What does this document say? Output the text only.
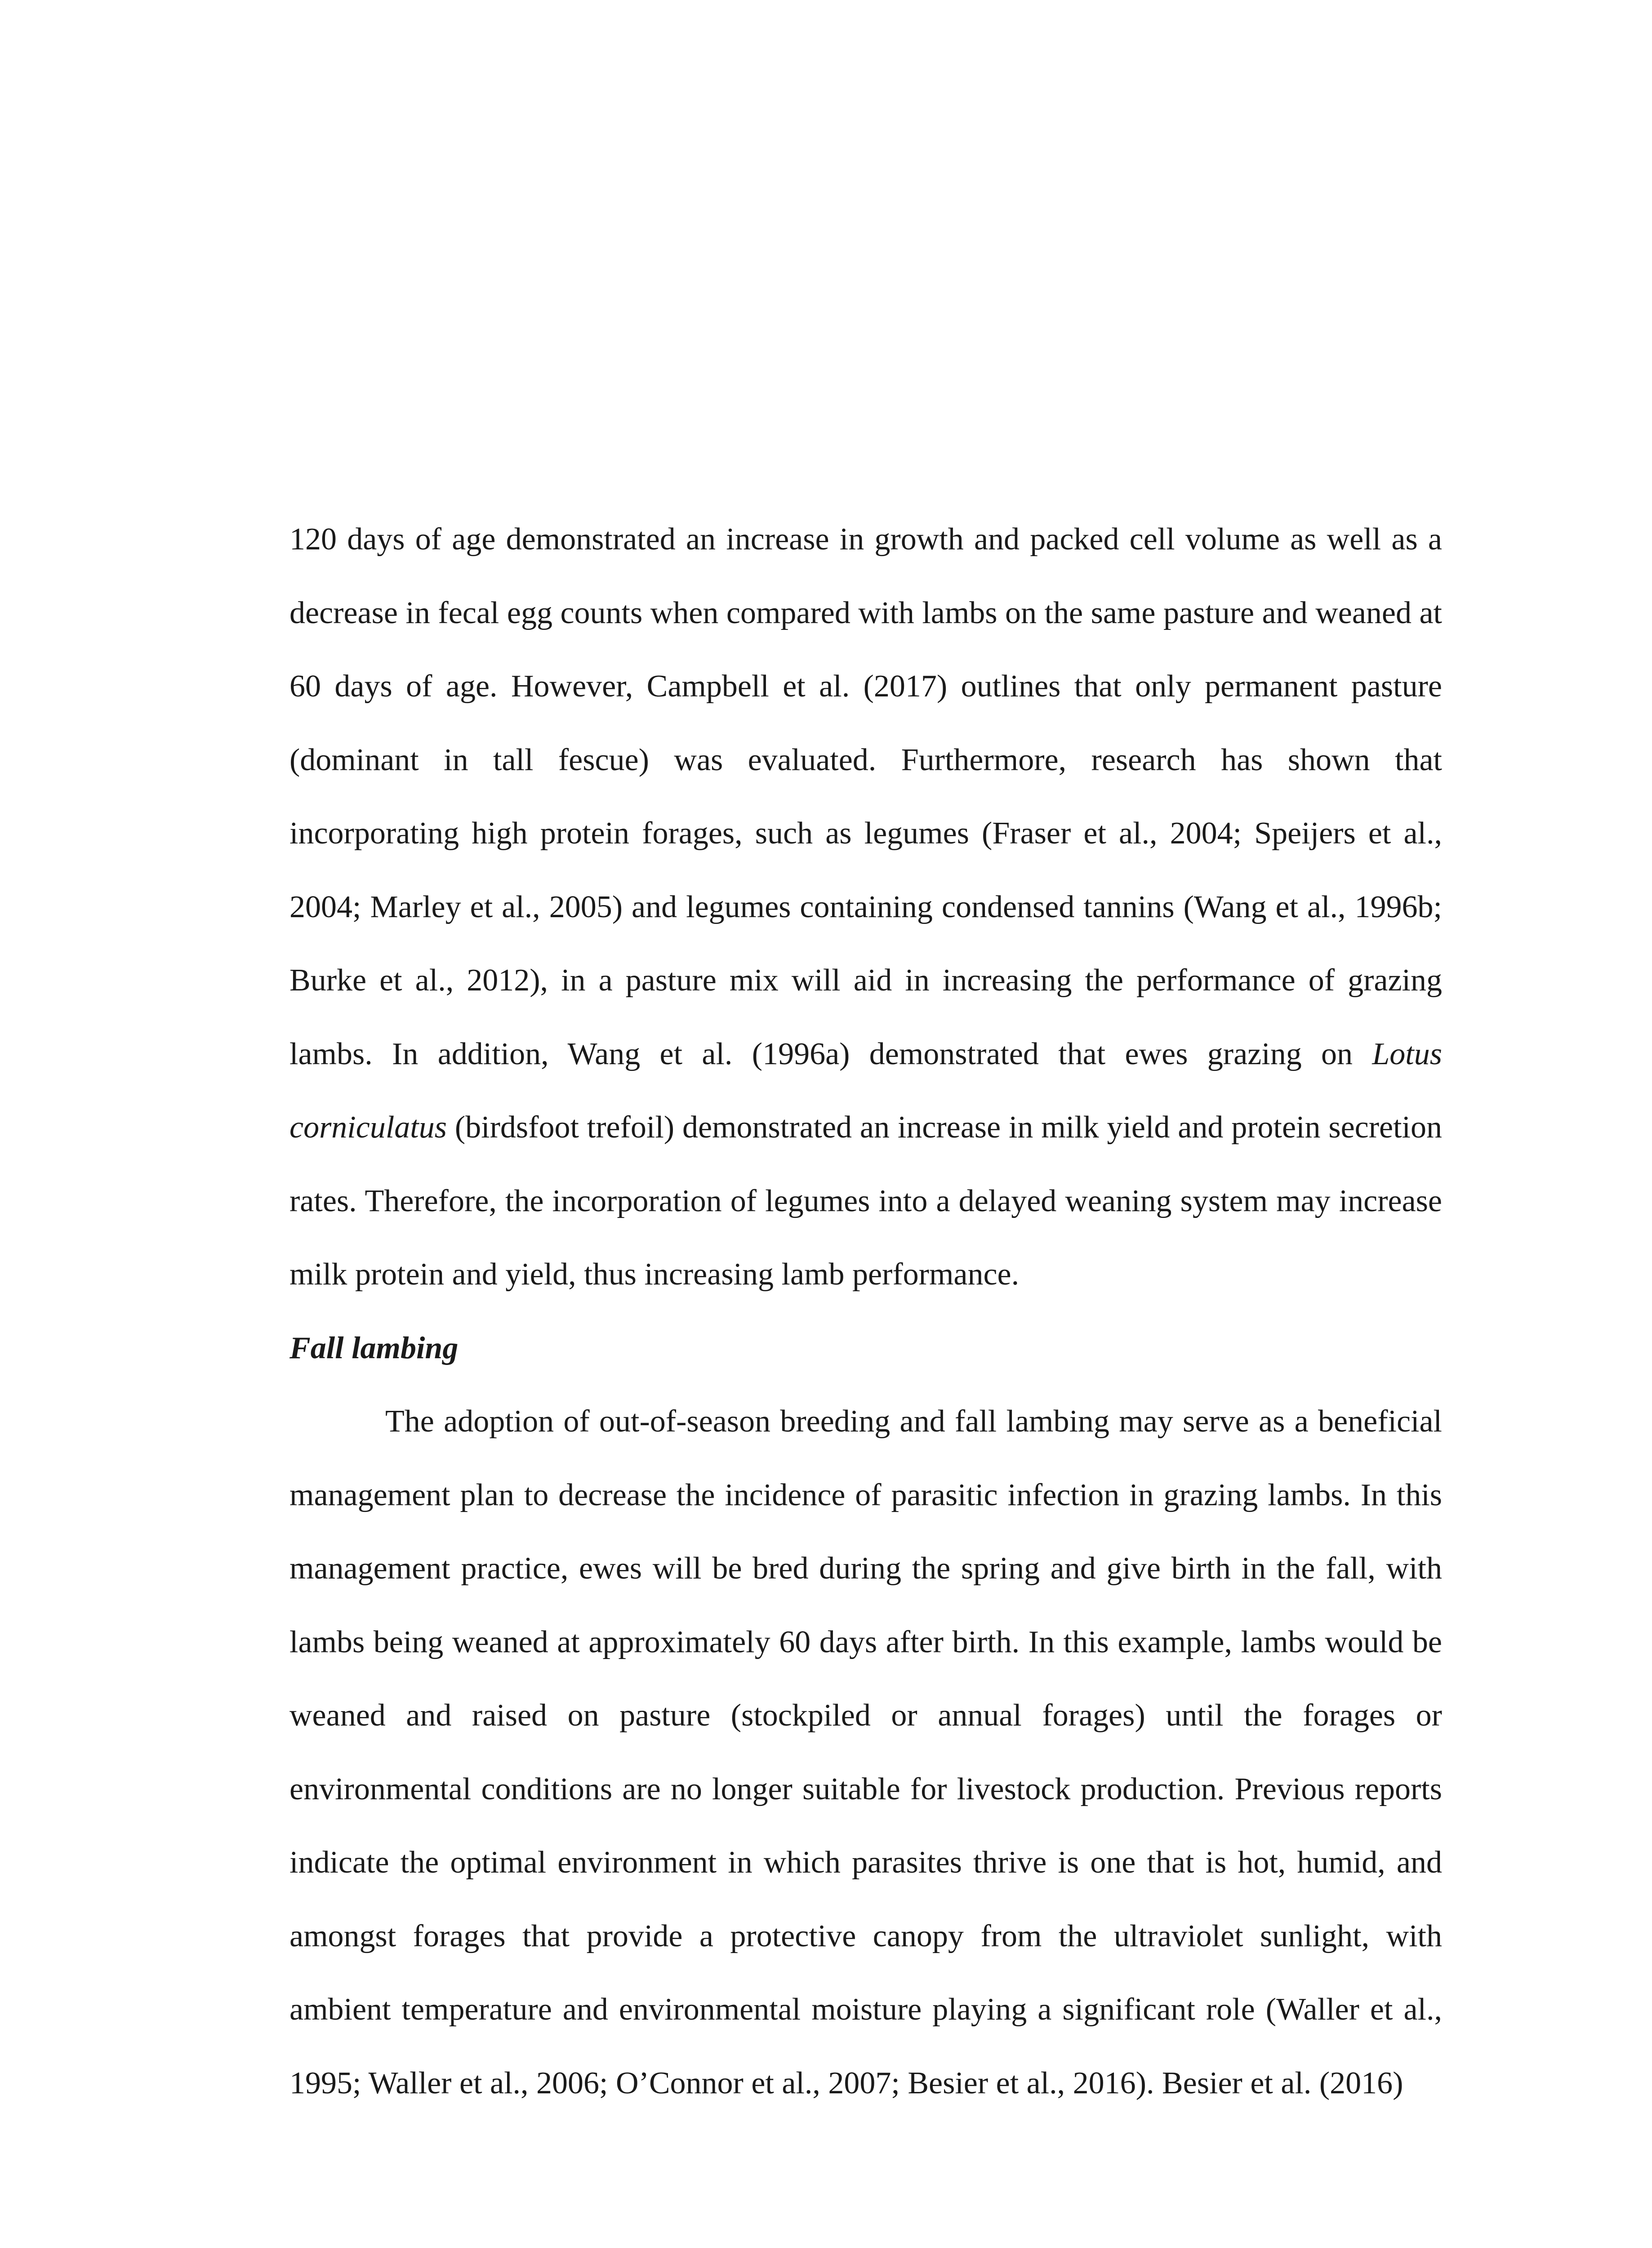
120 days of age demonstrated an increase in growth and packed cell volume as well as a decrease in fecal egg counts when compared with lambs on the same pasture and weaned at 60 days of age. However, Campbell et al. (2017) outlines that only permanent pasture (dominant in tall fescue) was evaluated. Furthermore, research has shown that incorporating high protein forages, such as legumes (Fraser et al., 2004; Speijers et al., 2004; Marley et al., 2005) and legumes containing condensed tannins (Wang et al., 1996b; Burke et al., 2012), in a pasture mix will aid in increasing the performance of grazing lambs. In addition, Wang et al. (1996a) demonstrated that ewes grazing on Lotus corniculatus (birdsfoot trefoil) demonstrated an increase in milk yield and protein secretion rates. Therefore, the incorporation of legumes into a delayed weaning system may increase milk protein and yield, thus increasing lamb performance.

Fall lambing

The adoption of out-of-season breeding and fall lambing may serve as a beneficial management plan to decrease the incidence of parasitic infection in grazing lambs. In this management practice, ewes will be bred during the spring and give birth in the fall, with lambs being weaned at approximately 60 days after birth. In this example, lambs would be weaned and raised on pasture (stockpiled or annual forages) until the forages or environmental conditions are no longer suitable for livestock production. Previous reports indicate the optimal environment in which parasites thrive is one that is hot, humid, and amongst forages that provide a protective canopy from the ultraviolet sunlight, with ambient temperature and environmental moisture playing a significant role (Waller et al., 1995; Waller et al., 2006; O’Connor et al., 2007; Besier et al., 2016). Besier et al. (2016)
